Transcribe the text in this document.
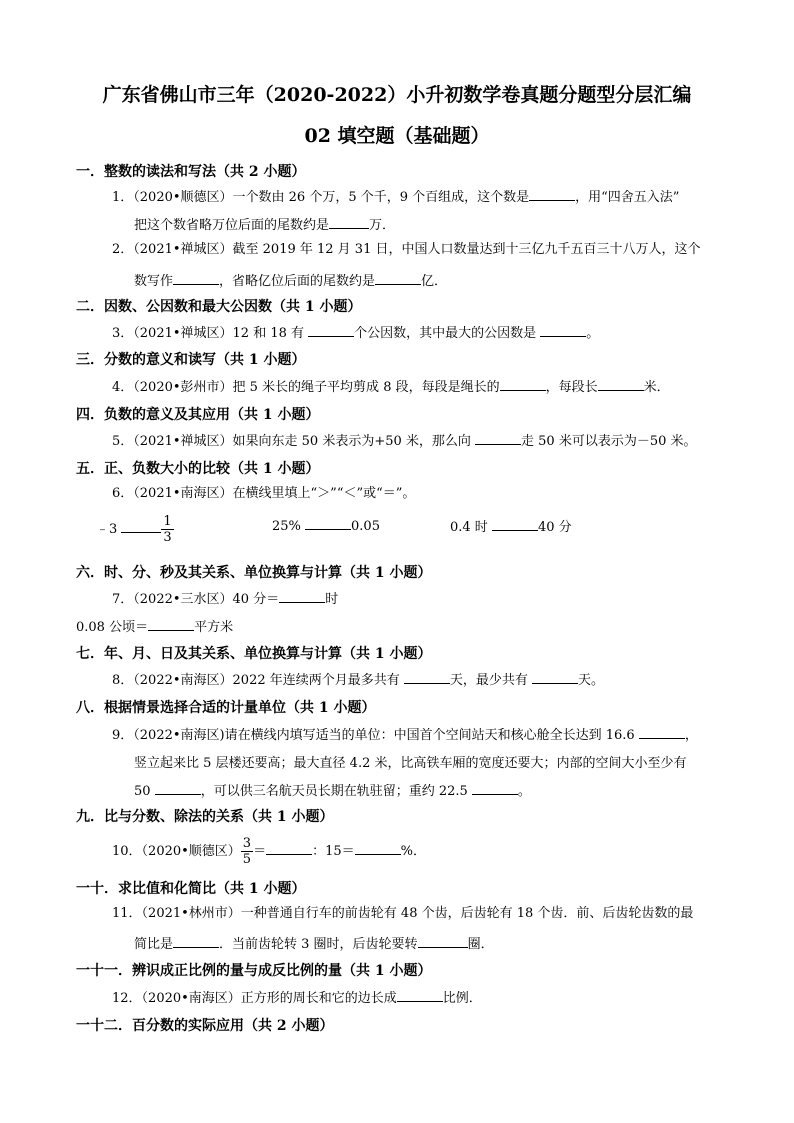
广东省佛山市三年（2020-2022）小升初数学卷真题分题型分层汇编
02 填空题（基础题）
一．整数的读法和写法（共 2 小题）
1．（2020•顺德区）一个数由 26 个万，5 个千，9 个百组成，这个数是	，用“四舍五入法”
把这个数省略万位后面的尾数约是	万．
2．（2021•禅城区）截至 2019 年 12 月 31 日，中国人口数量达到十三亿九千五百三十八万人，这个
数写作	，省略亿位后面的尾数约是	亿．
二．因数、公因数和最大公因数（共 1 小题）
3．（2021•禅城区）12 和 18 有	个公因数，其中最大的公因数是	。
三．分数的意义和读写（共 1 小题）
4．（2020•彭州市）把 5 米长的绳子平均剪成 8 段，每段是绳长的	，每段长	米．
四．负数的意义及其应用（共 1 小题）
5．（2021•禅城区）如果向东走 50 米表示为+50 米，那么向	走 50 米可以表示为－50 米。
五．正、负数大小的比较（共 1 小题）
6．（2021•南海区）在横线里填上“＞”“＜”或“＝”。
﹣3	$\frac{1}{3}$	25%	0.05	0.4 时	40 分
六．时、分、秒及其关系、单位换算与计算（共 1 小题）
7．（2022•三水区）40 分＝	时
0.08 公顷＝	平方米
七．年、月、日及其关系、单位换算与计算（共 1 小题）
8．（2022•南海区）2022 年连续两个月最多共有	天，最少共有	天。
八．根据情景选择合适的计量单位（共 1 小题）
9．（2022•南海区)请在横线内填写适当的单位：中国首个空间站天和核心舱全长达到 16.6	，
竖立起来比 5 层楼还要高；最大直径 4.2 米，比高铁车厢的宽度还要大；内部的空间大小至少有
50	，可以供三名航天员长期在轨驻留；重约 22.5	。
九．比与分数、除法的关系（共 1 小题）
10．（2020•顺德区） $\frac{3}{5}$ ＝	：15＝	%．
一十．求比值和化简比（共 1 小题）
11．（2021•林州市）一种普通自行车的前齿轮有 48 个齿，后齿轮有 18 个齿．前、后齿轮齿数的最
简比是	．当前齿轮转 3 圈时，后齿轮要转	圈．
一十一．辨识成正比例的量与成反比例的量（共 1 小题）
12．（2020•南海区）正方形的周长和它的边长成	比例．
一十二．百分数的实际应用（共 2 小题）
